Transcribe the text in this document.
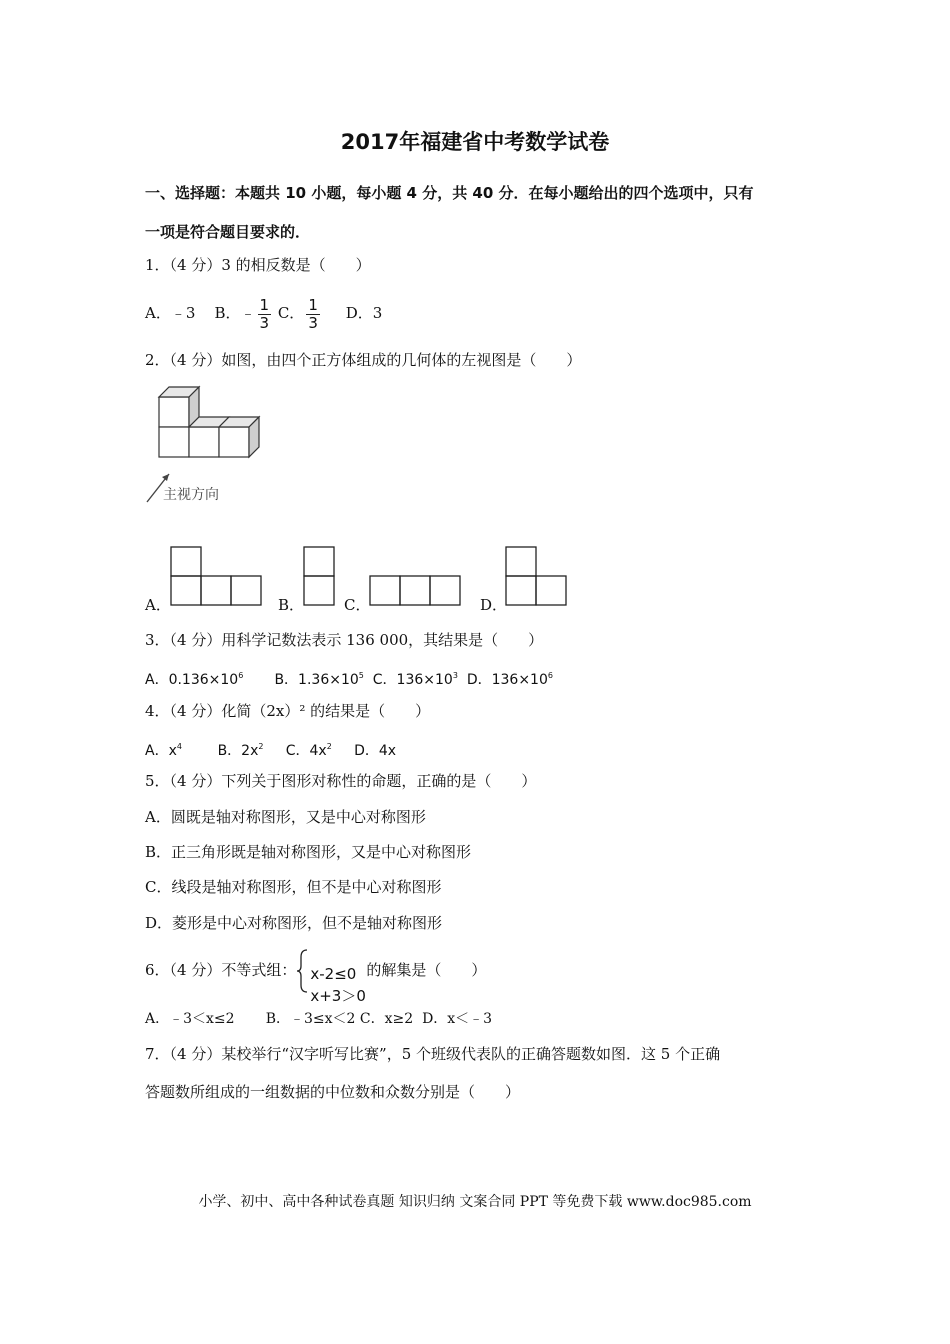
2017年福建省中考数学试卷
一、选择题：本题共 10 小题，每小题 4 分，共 40 分．在每小题给出的四个选项中，只有
一项是符合题目要求的．
1．（4 分）3 的相反数是（　　）
A．﹣3 B．﹣ $\frac{1}{3}$ C． $\frac{1}{3}$ D．3
2．（4 分）如图，由四个正方体组成的几何体的左视图是（　　）
主视方向
A．	B．	C．	D．
3．（4 分）用科学记数法表示 136 000，其结果是（　　）
A．$0.136\times 10^6$ B．$1.36\times 10^5$ C．$136\times 10^3$ D．$136\times 10^6$
4．（4 分）化简（2x）² 的结果是（　　）
A．$x^4$	B．$2x^2$ C．$4x^2$ D．4x
5．（4 分）下列关于图形对称性的命题，正确的是（　　）
A．圆既是轴对称图形，又是中心对称图形
B．正三角形既是轴对称图形，又是中心对称图形
C．线段是轴对称图形，但不是中心对称图形
D．菱形是中心对称图形，但不是轴对称图形
6．（4 分）不等式组： x-2≤0
x+3＞0
的解集是（　　）
A．﹣3＜x≤2 B．﹣3≤x＜2 C．x≥2 D．x＜﹣3
7．（4 分）某校举行“汉字听写比赛”，5 个班级代表队的正确答题数如图．这 5 个正确
答题数所组成的一组数据的中位数和众数分别是（　　）
小学、初中、高中各种试卷真题 知识归纳 文案合同 PPT 等免费下载 www.doc985.com
